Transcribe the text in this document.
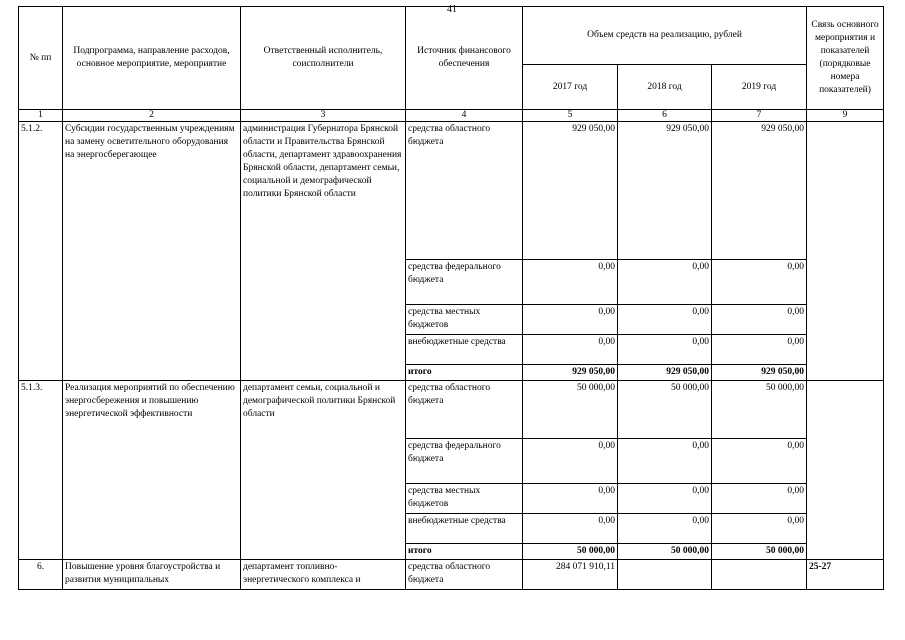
41
№ пп	Подпрограмма, направление расходов, основное мероприятие, мероприятие	Ответственный исполнитель, соисполнители	Источник финансового обеспечения	Объем средств на реализацию, рублей			Связь основного мероприятия и показателей (порядковые номера показателей)
				2017 год	2018 год	2019 год	
1	2	3	4	5	6	7	9
5.1.2.	Субсидии государственным учреждениям на замену осветительного оборудования на энергосберегающее	администрация Губернатора Брянской области и Правительства Брянской области, департамент здравоохранения Брянской области, департамент семьи, социальной и демографической политики Брянской области	средства областного бюджета	929 050,00	929 050,00	929 050,00	
			средства федерального бюджета	0,00	0,00	0,00	
			средства местных бюджетов	0,00	0,00	0,00	
			внебюджетные средства	0,00	0,00	0,00	
			итого	929 050,00	929 050,00	929 050,00	
5.1.3.	Реализация мероприятий по обеспечению энергосбережения и повышению энергетической эффективности	департамент семьи, социальной и демографической политики Брянской области	средства областного бюджета	50 000,00	50 000,00	50 000,00	
			средства федерального бюджета	0,00	0,00	0,00	
			средства местных бюджетов	0,00	0,00	0,00	
			внебюджетные средства	0,00	0,00	0,00	
			итого	50 000,00	50 000,00	50 000,00	
6.	Повышение уровня благоустройства и развития муниципальных	департамент топливно-энергетического комплекса и	средства областного бюджета	284 071 910,11			25-27
